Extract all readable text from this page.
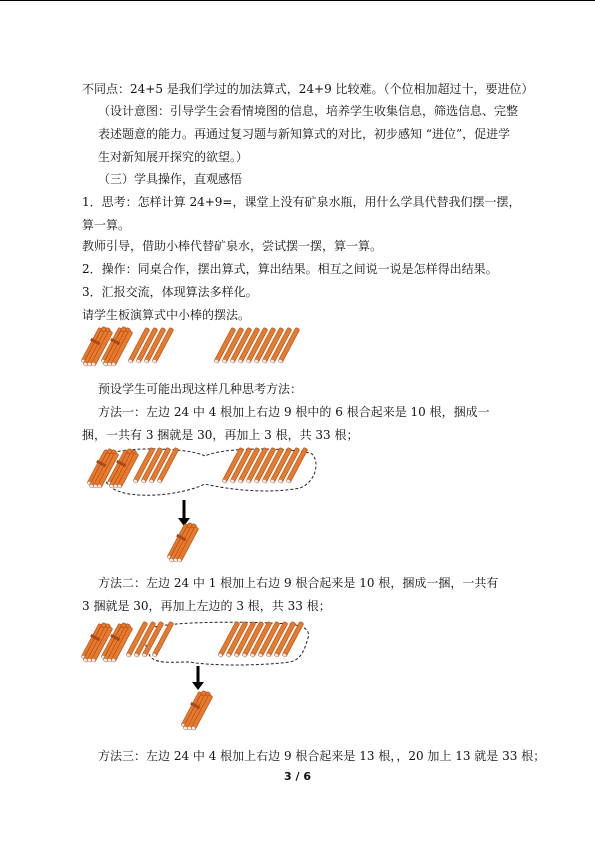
不同点：24+5 是我们学过的加法算式，24+9 比较难。（个位相加超过十，要进位）

（设计意图：引导学生会看情境图的信息，培养学生收集信息，筛选信息、完整表述题意的能力。再通过复习题与新知算式的对比，初步感知 “进位”，促进学生对新知展开探究的欲望。）

（三）学具操作，直观感悟

1．思考：怎样计算 24+9=，课堂上没有矿泉水瓶，用什么学具代替我们摆一摆，算一算。

教师引导，借助小棒代替矿泉水，尝试摆一摆，算一算。

2．操作：同桌合作，摆出算式，算出结果。相互之间说一说是怎样得出结果。

3．汇报交流，体现算法多样化。

请学生板演算式中小棒的摆法。

预设学生可能出现这样几种思考方法：

方法一：左边 24 中 4 根加上右边 9 根中的 6 根合起来是 10 根，捆成一捆，一共有 3 捆就是 30，再加上 3 根，共 33 根；

方法二：左边 24 中 1 根加上右边 9 根合起来是 10 根，捆成一捆，一共有 3 捆就是 30，再加上左边的 3 根，共 33 根；

方法三：左边 24 中 4 根加上右边 9 根合起来是 13 根，，20 加上 13 就是 33 根；

3 / 6
